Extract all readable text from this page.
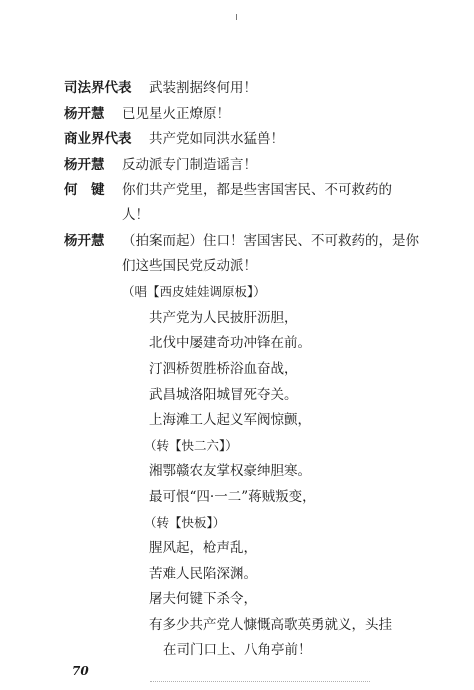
司法界代表 武装割据终何用！
杨开慧 已见星火正燎原！
商业界代表 共产党如同洪水猛兽！
杨开慧 反动派专门制造谣言！
何　键 你们共产党里，都是些害国害民、不可救药的
人！
杨开慧 （拍案而起）住口！害国害民、不可救药的，是你
们这些国民党反动派！
（唱【西皮娃娃调原板】）
共产党为人民披肝沥胆，
北伐中屡建奇功冲锋在前。
汀泗桥贺胜桥浴血奋战，
武昌城洛阳城冒死夺关。
上海滩工人起义军阀惊颤，
（转【快二六】）
湘鄂赣农友掌权豪绅胆寒。
最可恨“四·一二”蒋贼叛变，
（转【快板】）
腥风起，枪声乱，
苦难人民陷深渊。
屠夫何键下杀令，
有多少共产党人慷慨高歌英勇就义，头挂
在司门口上、八角亭前！
70
